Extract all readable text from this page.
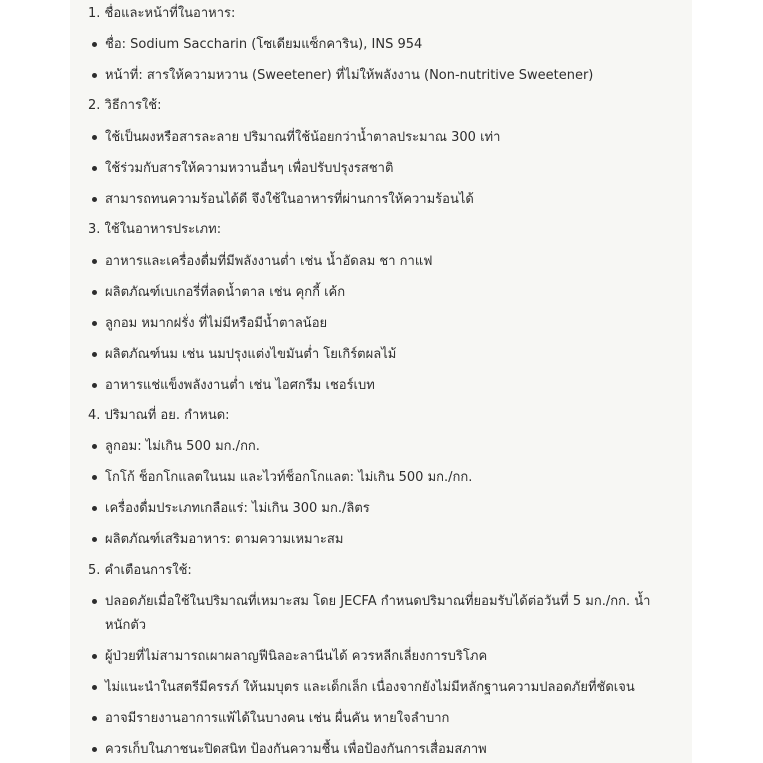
1. ชื่อและหน้าที่ในอาหาร:
ชื่อ: Sodium Saccharin (โซเดียมแซ็กคาริน), INS 954
หน้าที่: สารให้ความหวาน (Sweetener) ที่ไม่ให้พลังงาน (Non-nutritive Sweetener)
2. วิธีการใช้:
ใช้เป็นผงหรือสารละลาย ปริมาณที่ใช้น้อยกว่าน้ำตาลประมาณ 300 เท่า
ใช้ร่วมกับสารให้ความหวานอื่นๆ เพื่อปรับปรุงรสชาติ
สามารถทนความร้อนได้ดี จึงใช้ในอาหารที่ผ่านการให้ความร้อนได้
3. ใช้ในอาหารประเภท:
อาหารและเครื่องดื่มที่มีพลังงานต่ำ เช่น น้ำอัดลม ชา กาแฟ
ผลิตภัณฑ์เบเกอรี่ที่ลดน้ำตาล เช่น คุกกี้ เค้ก
ลูกอม หมากฝรั่ง ที่ไม่มีหรือมีน้ำตาลน้อย
ผลิตภัณฑ์นม เช่น นมปรุงแต่งไขมันต่ำ โยเกิร์ตผลไม้
อาหารแช่แข็งพลังงานต่ำ เช่น ไอศกรีม เชอร์เบท
4. ปริมาณที่ อย. กำหนด:
ลูกอม: ไม่เกิน 500 มก./กก.
โกโก้ ช็อกโกแลตในนม และไวท์ช็อกโกแลต: ไม่เกิน 500 มก./กก.
เครื่องดื่มประเภทเกลือแร่: ไม่เกิน 300 มก./ลิตร
ผลิตภัณฑ์เสริมอาหาร: ตามความเหมาะสม
5. คำเตือนการใช้:
ปลอดภัยเมื่อใช้ในปริมาณที่เหมาะสม โดย JECFA กำหนดปริมาณที่ยอมรับได้ต่อวันที่ 5 มก./กก. น้ำหนักตัว
ผู้ป่วยที่ไม่สามารถเผาผลาญฟีนิลอะลานีนได้ ควรหลีกเลี่ยงการบริโภค
ไม่แนะนำในสตรีมีครรภ์ ให้นมบุตร และเด็กเล็ก เนื่องจากยังไม่มีหลักฐานความปลอดภัยที่ชัดเจน
อาจมีรายงานอาการแพ้ได้ในบางคน เช่น ผื่นคัน หายใจลำบาก
ควรเก็บในภาชนะปิดสนิท ป้องกันความชื้น เพื่อป้องกันการเสื่อมสภาพ
